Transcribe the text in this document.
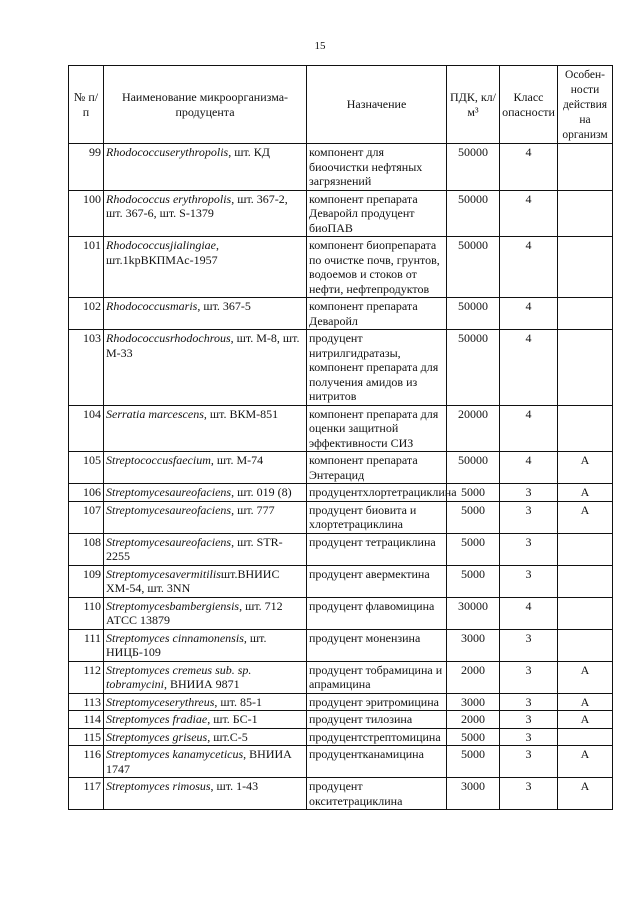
15
№ п/п	Наименование микроорганизма-продуцента	Назначение	ПДК, кл/м³	Класс опасности	Особен-ности действия на организм
99	Rhodococcuserythropolis, шт. КД	компонент для биоочистки нефтяных загрязнений	50000	4	
100	Rhodococcus erythropolis, шт. 367-2, шт. 367-6, шт. S-1379	компонент препарата Деваройл продуцент биоПАВ	50000	4	
101	Rhodococcusjialingiae, шт.1kpВКПМАс-1957	компонент биопрепарата по очистке почв, грунтов, водоемов и стоков от нефти, нефтепродуктов	50000	4	
102	Rhodococcusmaris, шт. 367-5	компонент препарата Деваройл	50000	4	
103	Rhodococcusrhodochrous, шт. М-8, шт. М-33	продуцент нитрилгидратазы, компонент препарата для получения амидов из нитритов	50000	4	
104	Serratia marcescens, шт. ВКМ-851	компонент препарата для оценки защитной эффективности СИЗ	20000	4	
105	Streptococcusfaecium, шт. М-74	компонент препарата Энтерацид	50000	4	А
106	Streptomycesaureofaciens, шт. 019 (8)	продуцентхлортетрациклина	5000	3	А
107	Streptomycesaureofaciens, шт. 777	продуцент биовита и хлортетрациклина	5000	3	А
108	Streptomycesaureofaciens, шт. STR-2255	продуцент тетрациклина	5000	3	
109	Streptomycesavermitilisшт.ВНИИС ХМ-54, шт. 3NN	продуцент авермектина	5000	3	
110	Streptomycesbambergiensis, шт. 712 АТСС 13879	продуцент флавомицина	30000	4	
111	Streptomyces cinnamonensis, шт. НИЦБ-109	продуцент монензина	3000	3	
112	Streptomyces cremeus sub. sp. tobramycini, ВНИИА 9871	продуцент тобрамицина и апрамицина	2000	3	А
113	Streptomyceserythreus, шт. 85-1	продуцент эритромицина	3000	3	А
114	Streptomyces fradiae, шт. БС-1	продуцент тилозина	2000	3	А
115	Streptomyces griseus, шт.С-5	продуцентстрептомицина	5000	3	
116	Streptomyces kanamyceticus, ВНИИА 1747	продуцентканамицина	5000	3	А
117	Streptomyces rimosus, шт. 1-43	продуцент окситетрациклина	3000	3	А
